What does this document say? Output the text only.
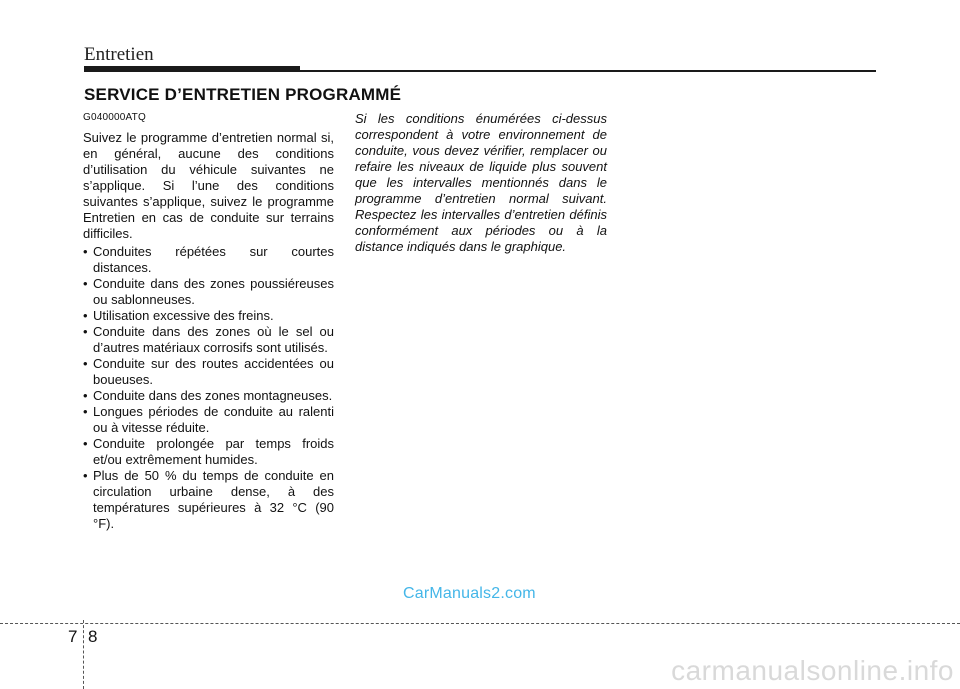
Entretien
SERVICE D’ENTRETIEN PROGRAMMÉ
G040000ATQ

Suivez le programme d’entretien normal si, en général, aucune des conditions d’utilisation du véhicule suivantes ne s’applique. Si l’une des conditions suivantes s’applique, suivez le programme Entretien en cas de conduite sur terrains difficiles.

• Conduites répétées sur courtes distances.
• Conduite dans des zones poussiéreuses ou sablonneuses.
• Utilisation excessive des freins.
• Conduite dans des zones où le sel ou d’autres matériaux corrosifs sont utilisés.
• Conduite sur des routes accidentées ou boueuses.
• Conduite dans des zones montagneuses.
• Longues périodes de conduite au ralenti ou à vitesse réduite.
• Conduite prolongée par temps froids et/ou extrêmement humides.
• Plus de 50 % du temps de conduite en circulation urbaine dense, à des températures supérieures à 32 °C (90 °F).
Si les conditions énumérées ci-dessus correspondent à votre environnement de conduite, vous devez vérifier, remplacer ou refaire les niveaux de liquide plus souvent que les intervalles mentionnés dans le programme d’entretien normal suivant. Respectez les intervalles d’entretien définis conformément aux périodes ou à la distance indiqués dans le graphique.
CarManuals2.com
7 8
carmanualsonline.info
